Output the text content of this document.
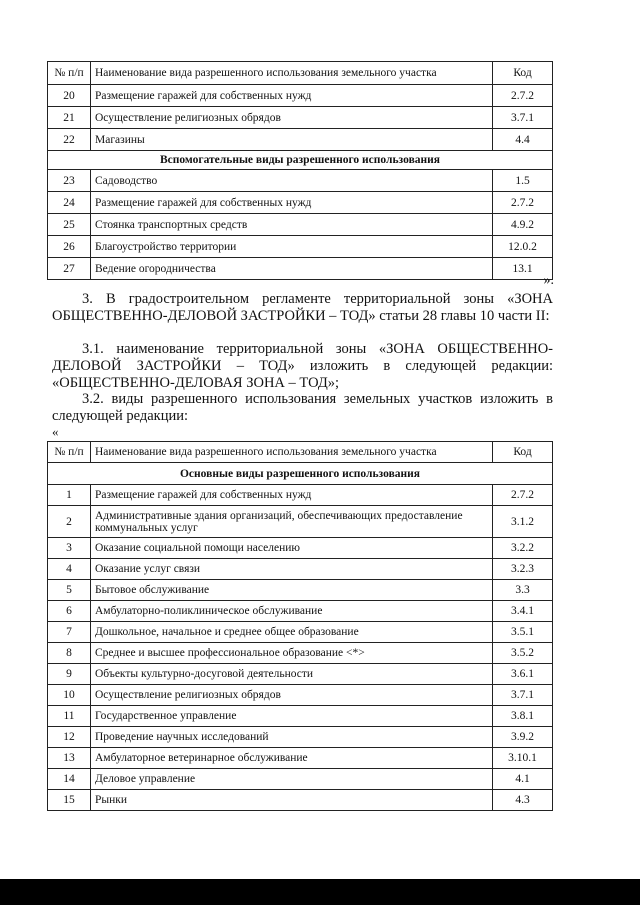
№ п/п	Наименование вида разрешенного использования земельного участка	Код
20	Размещение гаражей для собственных нужд	2.7.2
21	Осуществление религиозных обрядов	3.7.1
22	Магазины	4.4
Вспомогательные виды разрешенного использования		
23	Садоводство	1.5
24	Размещение гаражей для собственных нужд	2.7.2
25	Стоянка транспортных средств	4.9.2
26	Благоустройство территории	12.0.2
27	Ведение огородничества	13.1
».
3. В градостроительном регламенте территориальной зоны «ЗОНА ОБЩЕСТВЕННО-ДЕЛОВОЙ ЗАСТРОЙКИ – ТОД» статьи 28 главы 10 части II:
3.1. наименование территориальной зоны «ЗОНА ОБЩЕСТВЕННО-ДЕЛОВОЙ ЗАСТРОЙКИ – ТОД» изложить в следующей редакции: «ОБЩЕСТВЕННО-ДЕЛОВАЯ ЗОНА – ТОД»;
3.2. виды разрешенного использования земельных участков изложить в следующей редакции:
«
№ п/п	Наименование вида разрешенного использования земельного участка	Код
Основные виды разрешенного использования		
1	Размещение гаражей для собственных нужд	2.7.2
2	Административные здания организаций, обеспечивающих предоставление коммунальных услуг	3.1.2
3	Оказание социальной помощи населению	3.2.2
4	Оказание услуг связи	3.2.3
5	Бытовое обслуживание	3.3
6	Амбулаторно-поликлиническое обслуживание	3.4.1
7	Дошкольное, начальное и среднее общее образование	3.5.1
8	Среднее и высшее профессиональное образование <*>	3.5.2
9	Объекты культурно-досуговой деятельности	3.6.1
10	Осуществление религиозных обрядов	3.7.1
11	Государственное управление	3.8.1
12	Проведение научных исследований	3.9.2
13	Амбулаторное ветеринарное обслуживание	3.10.1
14	Деловое управление	4.1
15	Рынки	4.3
